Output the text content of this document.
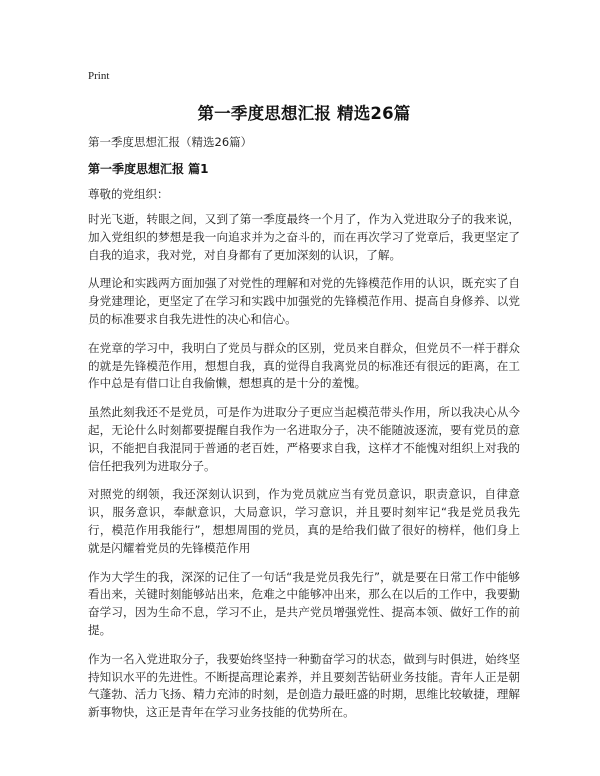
Print
第一季度思想汇报 精选26篇

第一季度思想汇报（精选26篇）

第一季度思想汇报 篇1

尊敬的党组织：

时光飞逝，转眼之间，又到了第一季度最终一个月了，作为入党进取分子的我来说，加入党组织的梦想是我一向追求并为之奋斗的，而在再次学习了党章后，我更坚定了自我的追求，我对党，对自身都有了更加深刻的认识，了解。

从理论和实践两方面加强了对党性的理解和对党的先锋模范作用的认识，既充实了自身党建理论，更坚定了在学习和实践中加强党的先锋模范作用、提高自身修养、以党员的标准要求自我先进性的决心和信心。

在党章的学习中，我明白了党员与群众的区别，党员来自群众，但党员不一样于群众的就是先锋模范作用，想想自我，真的觉得自我离党员的标准还有很远的距离，在工作中总是有借口让自我偷懒，想想真的是十分的羞愧。

虽然此刻我还不是党员，可是作为进取分子更应当起模范带头作用，所以我决心从今起，无论什么时刻都要提醒自我作为一名进取分子，决不能随波逐流，要有党员的意识，不能把自我混同于普通的老百姓，严格要求自我，这样才不能愧对组织上对我的信任把我列为进取分子。

对照党的纲领，我还深刻认识到，作为党员就应当有党员意识，职责意识，自律意识，服务意识，奉献意识，大局意识，学习意识，并且要时刻牢记“我是党员我先行，模范作用我能行”，想想周围的党员，真的是给我们做了很好的榜样，他们身上就是闪耀着党员的先锋模范作用

作为大学生的我，深深的记住了一句话“我是党员我先行”，就是要在日常工作中能够看出来，关键时刻能够站出来，危难之中能够冲出来，那么在以后的工作中，我要勤奋学习，因为生命不息，学习不止，是共产党员增强党性、提高本领、做好工作的前提。

作为一名入党进取分子，我要始终坚持一种勤奋学习的状态，做到与时俱进，始终坚持知识水平的先进性。不断提高理论素养，并且要刻苦钻研业务技能。青年人正是朝气蓬勃、活力飞扬、精力充沛的时刻，是创造力最旺盛的时期，思维比较敏捷，理解新事物快，这正是青年在学习业务技能的优势所在。
